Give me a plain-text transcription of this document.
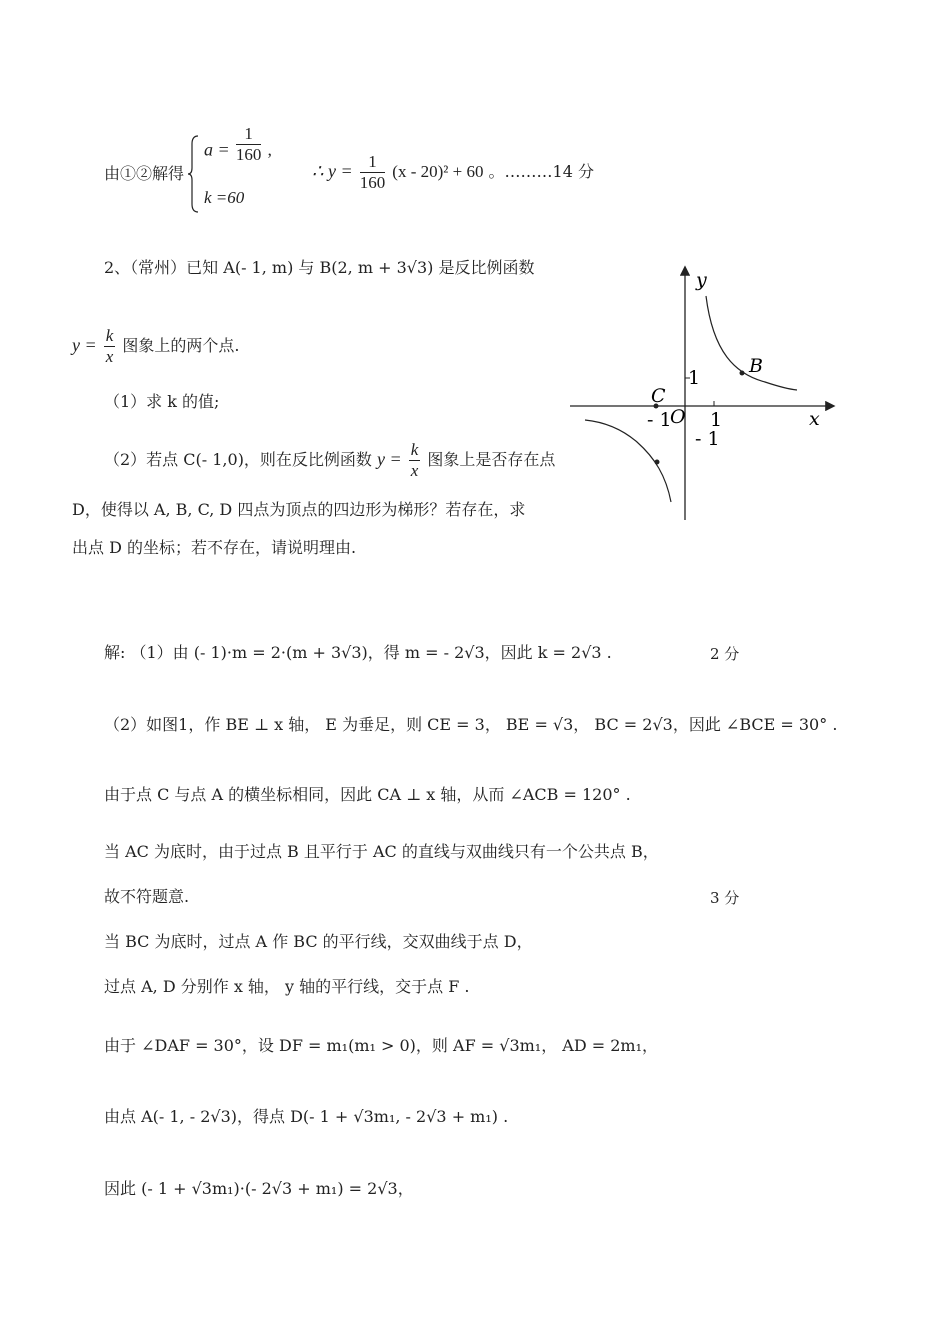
由①②解得
$a = \frac{1}{160}$ ,
k =60
∴ $y = \frac{1}{160} (x - 20)^2 + 60$ 。………14 分
2、（常州）已知 A(- 1, m) 与 B(2, m + 3√3) 是反比例函数
$y = \frac{k}{x}$ 图象上的两个点.
（1）求 k 的值;
（2）若点 C(- 1,0)，则在反比例函数 $y = \frac{k}{x}$ 图象上是否存在点
D，使得以 A, B, C, D 四点为顶点的四边形为梯形？若存在，求
出点 D 的坐标；若不存在，请说明理由.
y
x
O
B
C
1
- 1
1
- 1
解: （1）由 (- 1)·m = 2·(m + 3√3)，得 m = - 2√3，因此 k = 2√3 .	2 分
（2）如图1，作 BE ⊥ x 轴， E 为垂足，则 CE = 3， BE = √3， BC = 2√3，因此 ∠BCE = 30° .
由于点 C 与点 A 的横坐标相同，因此 CA ⊥ x 轴，从而 ∠ACB = 120° .
当 AC 为底时，由于过点 B 且平行于 AC 的直线与双曲线只有一个公共点 B，
故不符题意.	3 分
当 BC 为底时，过点 A 作 BC 的平行线，交双曲线于点 D，
过点 A, D 分别作 x 轴， y 轴的平行线，交于点 F .
由于 ∠DAF = 30°，设 DF = m₁(m₁ > 0)，则 AF = √3m₁， AD = 2m₁，
由点 A(- 1, - 2√3)，得点 D(- 1 + √3m₁, - 2√3 + m₁) .
因此 (- 1 + √3m₁)·(- 2√3 + m₁) = 2√3，
